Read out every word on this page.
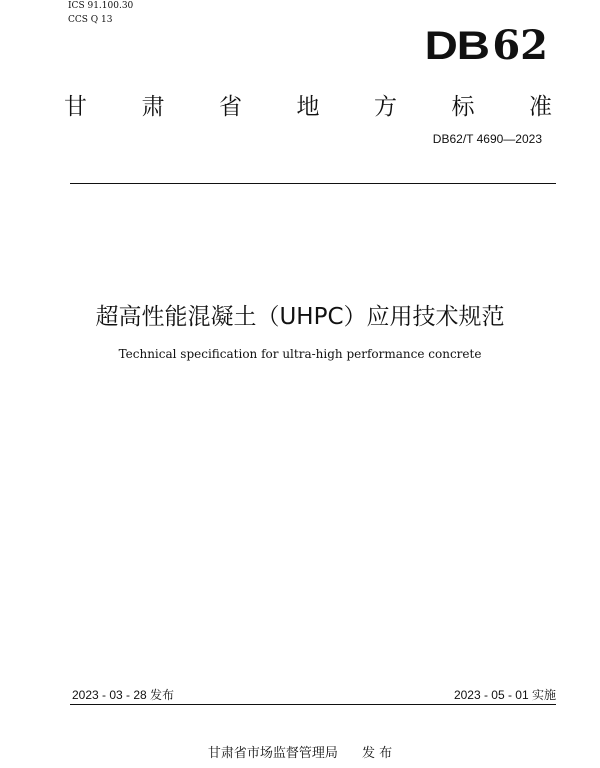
ICS 91.100.30
CCS Q 13
DB 62
甘 肃 省 地 方 标 准
DB62/T 4690—2023
超高性能混凝土（UHPC）应用技术规范
Technical specification for ultra-high performance concrete
2023 - 03 - 28 发布	2023 - 05 - 01 实施
甘肃省市场监督管理局 发 布
